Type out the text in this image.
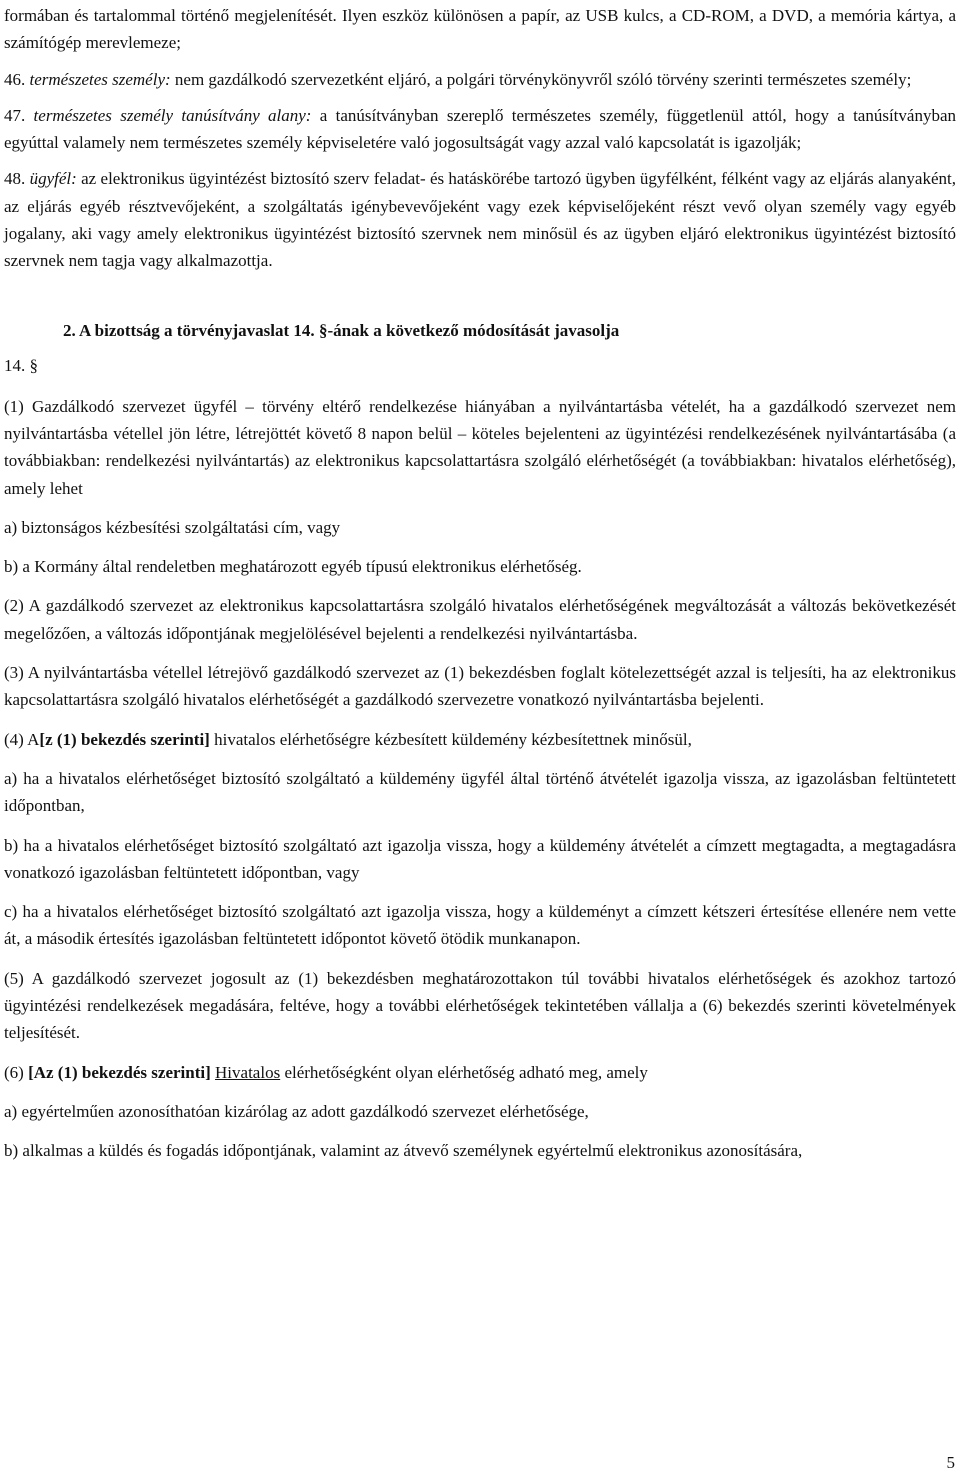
formában és tartalommal történő megjelenítését. Ilyen eszköz különösen a papír, az USB kulcs, a CD-ROM, a DVD, a memória kártya, a számítógép merevlemeze;

46. természetes személy: nem gazdálkodó szervezetként eljáró, a polgári törvénykönyvről szóló törvény szerinti természetes személy;

47. természetes személy tanúsítvány alany: a tanúsítványban szereplő természetes személy, függetlenül attól, hogy a tanúsítványban egyúttal valamely nem természetes személy képviseletére való jogosultságát vagy azzal való kapcsolatát is igazolják;

48. ügyfél: az elektronikus ügyintézést biztosító szerv feladat- és hatáskörébe tartozó ügyben ügyfélként, félként vagy az eljárás alanyaként, az eljárás egyéb résztvevőjeként, a szolgáltatás igénybevevőjeként vagy ezek képviselőjeként részt vevő olyan személy vagy egyéb jogalany, aki vagy amely elektronikus ügyintézést biztosító szervnek nem minősül és az ügyben eljáró elektronikus ügyintézést biztosító szervnek nem tagja vagy alkalmazottja.

2. A bizottság a törvényjavaslat 14. §-ának a következő módosítását javasolja
14. §

(1) Gazdálkodó szervezet ügyfél – törvény eltérő rendelkezése hiányában a nyilvántartásba vételét, ha a gazdálkodó szervezet nem nyilvántartásba vétellel jön létre, létrejöttét követő 8 napon belül – köteles bejelenteni az ügyintézési rendelkezésének nyilvántartásába (a továbbiakban: rendelkezési nyilvántartás) az elektronikus kapcsolattartásra szolgáló elérhetőségét (a továbbiakban: hivatalos elérhetőség), amely lehet

a) biztonságos kézbesítési szolgáltatási cím, vagy

b) a Kormány által rendeletben meghatározott egyéb típusú elektronikus elérhetőség.

(2) A gazdálkodó szervezet az elektronikus kapcsolattartásra szolgáló hivatalos elérhetőségének megváltozását a változás bekövetkezését megelőzően, a változás időpontjának megjelölésével bejelenti a rendelkezési nyilvántartásba.

(3) A nyilvántartásba vétellel létrejövő gazdálkodó szervezet az (1) bekezdésben foglalt kötelezettségét azzal is teljesíti, ha az elektronikus kapcsolattartásra szolgáló hivatalos elérhetőségét a gazdálkodó szervezetre vonatkozó nyilvántartásba bejelenti.

(4) A[z (1) bekezdés szerinti] hivatalos elérhetőségre kézbesített küldemény kézbesítettnek minősül,

a) ha a hivatalos elérhetőséget biztosító szolgáltató a küldemény ügyfél által történő átvételét igazolja vissza, az igazolásban feltüntetett időpontban,

b) ha a hivatalos elérhetőséget biztosító szolgáltató azt igazolja vissza, hogy a küldemény átvételét a címzett megtagadta, a megtagadásra vonatkozó igazolásban feltüntetett időpontban, vagy

c) ha a hivatalos elérhetőséget biztosító szolgáltató azt igazolja vissza, hogy a küldeményt a címzett kétszeri értesítése ellenére nem vette át, a második értesítés igazolásban feltüntetett időpontot követő ötödik munkanapon.

(5) A gazdálkodó szervezet jogosult az (1) bekezdésben meghatározottakon túl további hivatalos elérhetőségek és azokhoz tartozó ügyintézési rendelkezések megadására, feltéve, hogy a további elérhetőségek tekintetében vállalja a (6) bekezdés szerinti követelmények teljesítését.

(6) [Az (1) bekezdés szerinti] Hivatalos elérhetőségként olyan elérhetőség adható meg, amely

a) egyértelműen azonosíthatóan kizárólag az adott gazdálkodó szervezet elérhetősége,

b) alkalmas a küldés és fogadás időpontjának, valamint az átvevő személynek egyértelmű elektronikus azonosítására,

5
